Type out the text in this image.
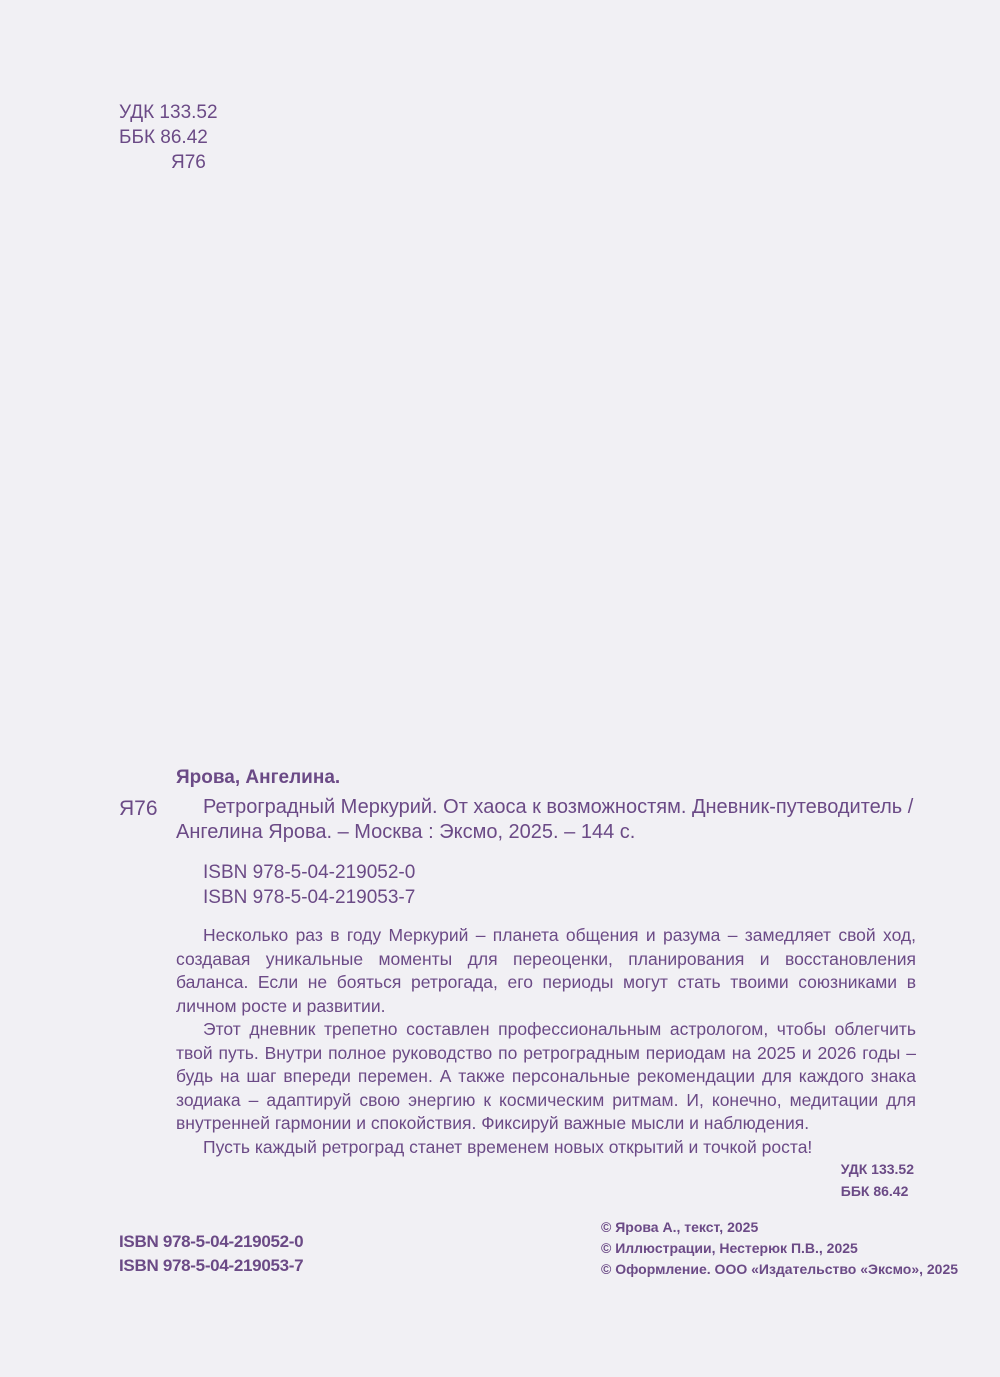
УДК 133.52
ББК 86.42
Я76
Ярова, Ангелина.
Я76	Ретроградный Меркурий. От хаоса к возможностям. Дневник-путеводитель / Ангелина Ярова. – Москва : Эксмо, 2025. – 144 с.
ISBN 978-5-04-219052-0
ISBN 978-5-04-219053-7

Несколько раз в году Меркурий – планета общения и разума – замедляет свой ход, создавая уникальные моменты для переоценки, планирования и восстановления баланса. Если не бояться ретрогада, его периоды могут стать твоими союзниками в личном росте и развитии.

Этот дневник трепетно составлен профессиональным астрологом, чтобы облегчить твой путь. Внутри полное руководство по ретроградным периодам на 2025 и 2026 годы – будь на шаг впереди перемен. А также персональные рекомендации для каждого знака зодиака – адаптируй свою энергию к космическим ритмам. И, конечно, медитации для внутренней гармонии и спокойствия. Фиксируй важные мысли и наблюдения.

Пусть каждый ретроград станет временем новых открытий и точкой роста!

УДК 133.52
ББК 86.42
ISBN 978-5-04-219052-0
ISBN 978-5-04-219053-7
© Ярова А., текст, 2025
© Иллюстрации, Нестерюк П.В., 2025
© Оформление. ООО «Издательство «Эксмо», 2025
